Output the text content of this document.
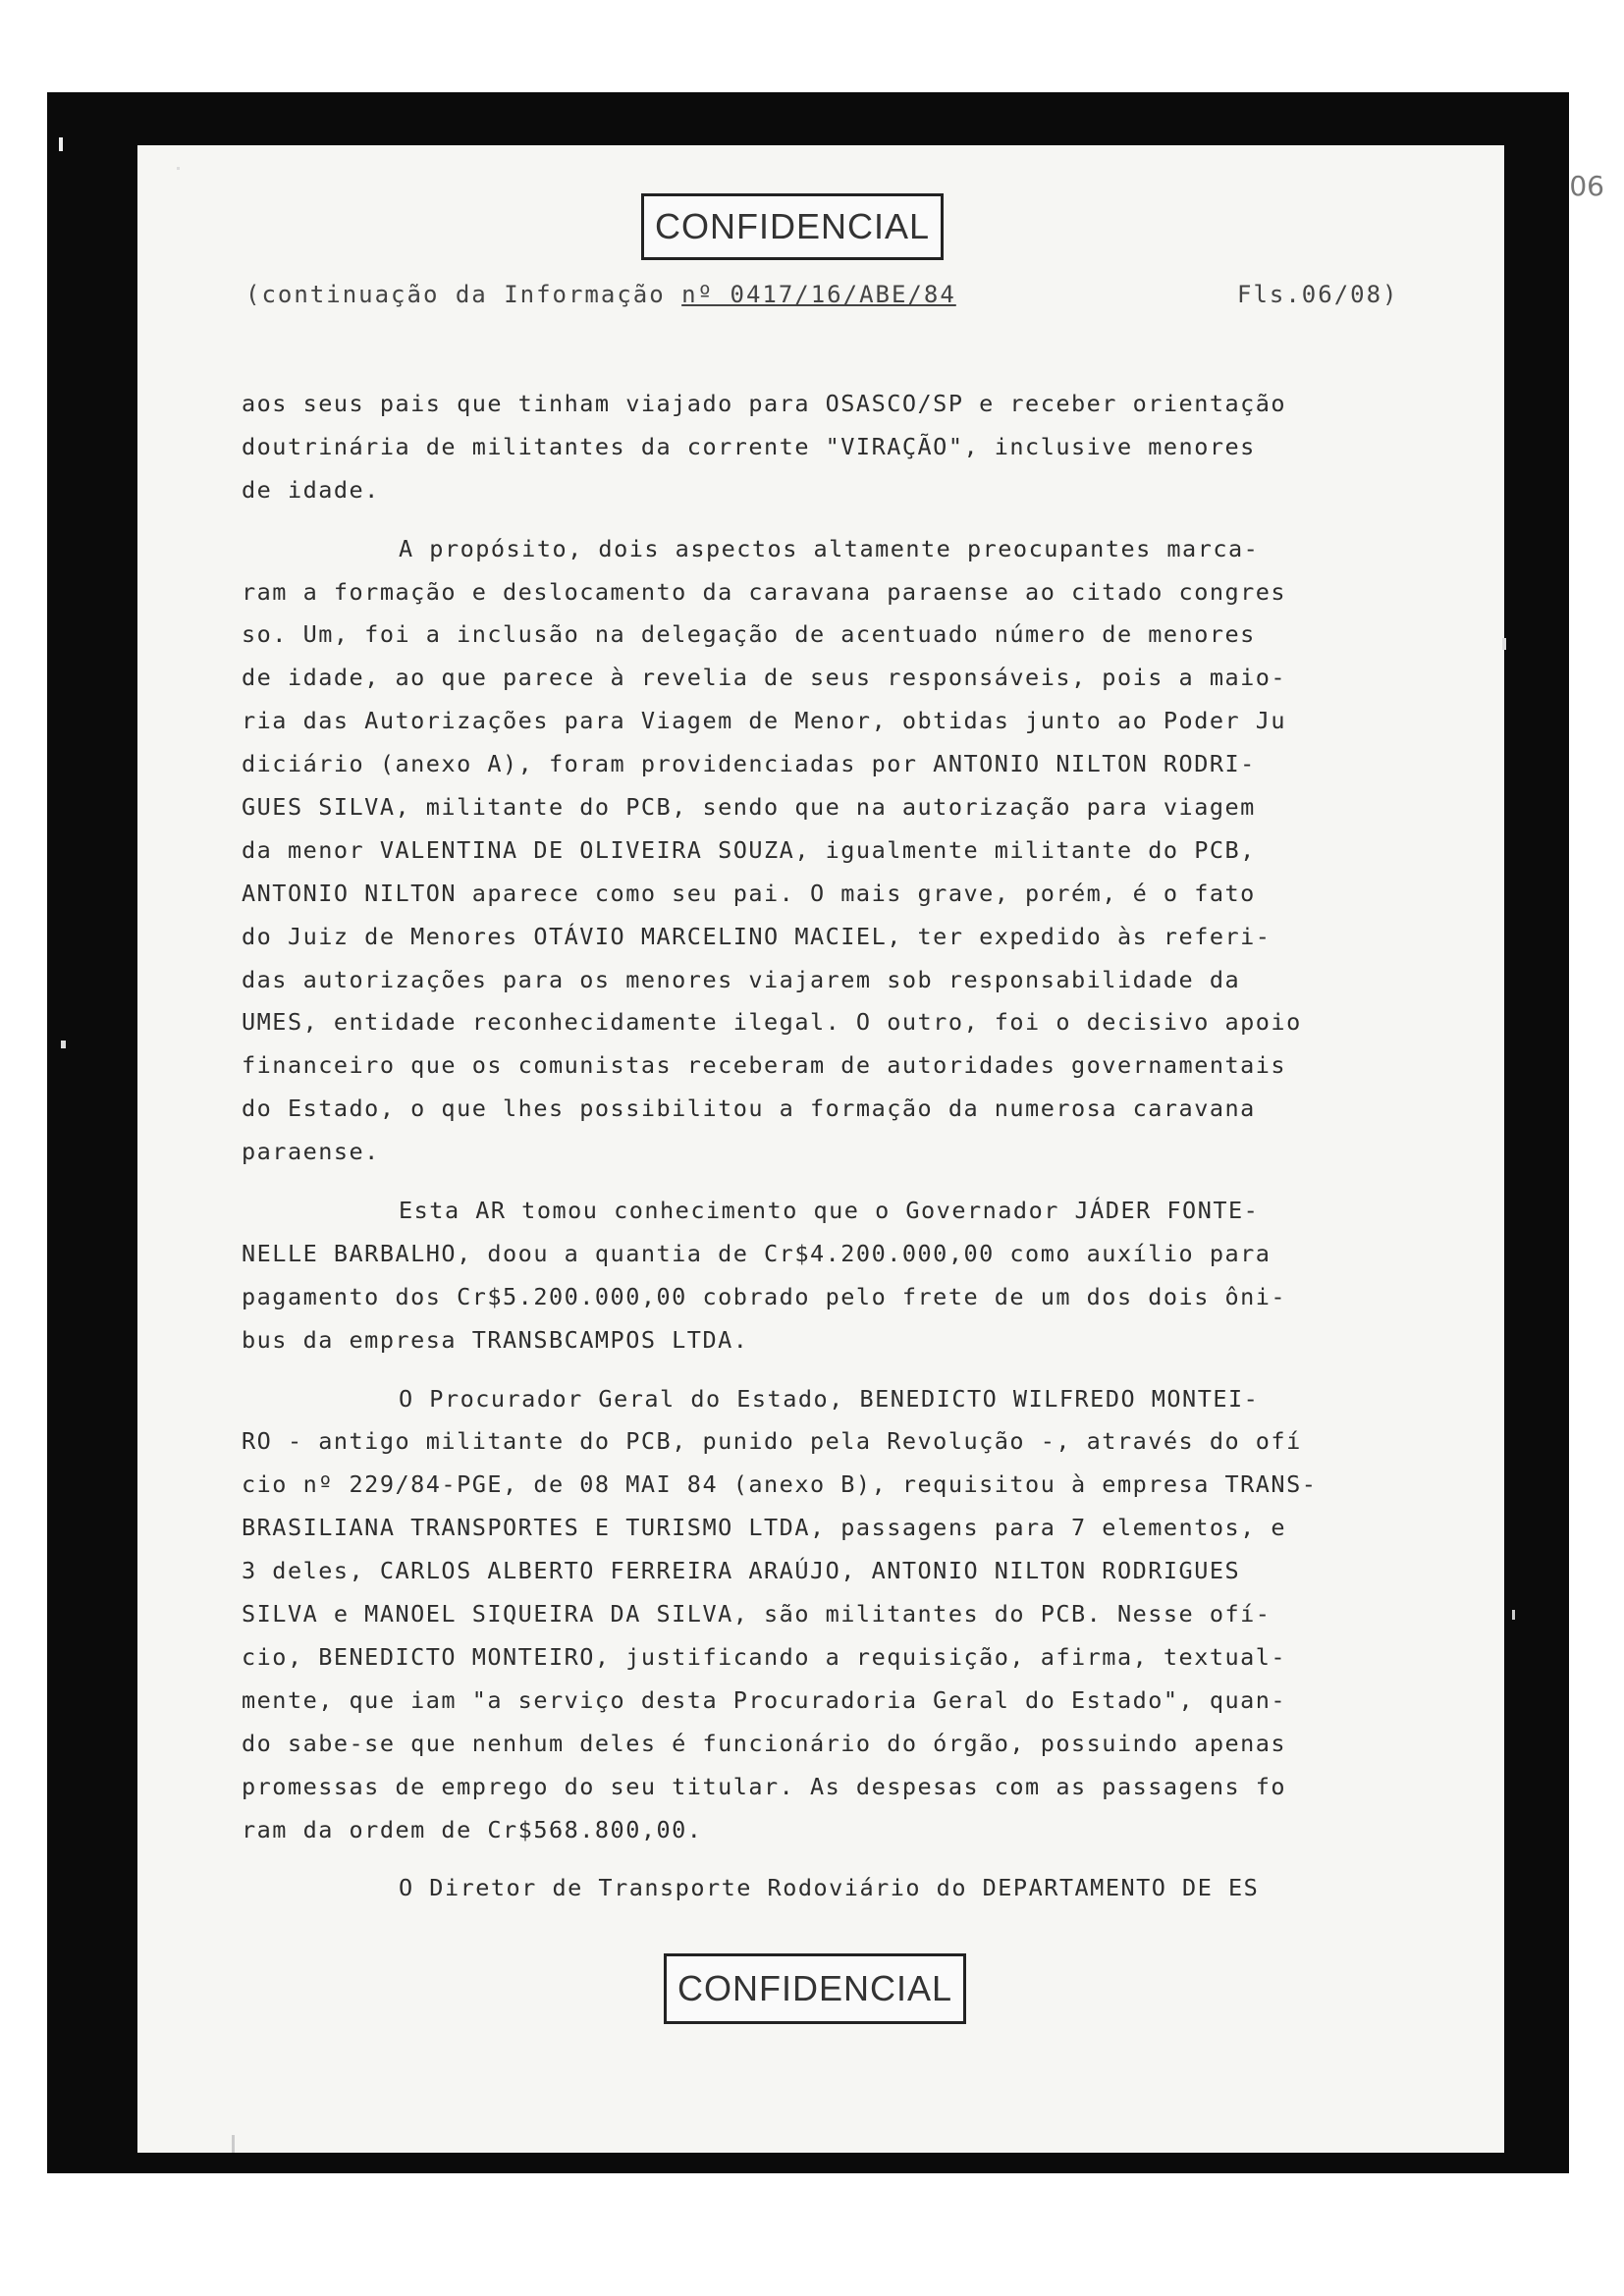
06
CONFIDENCIAL
(continuação da Informação nº 0417/16/ABE/84	Fls.06/08)
aos seus pais que tinham viajado para OSASCO/SP e receber orientação
doutrinária de militantes da corrente "VIRAÇÃO", inclusive menores
de idade.
A propósito, dois aspectos altamente preocupantes marca-
ram a formação e deslocamento da caravana paraense ao citado congres
so. Um, foi a inclusão na delegação de acentuado número de menores
de idade, ao que parece à revelia de seus responsáveis, pois a maio-
ria das Autorizações para Viagem de Menor, obtidas junto ao Poder Ju
diciário (anexo A), foram providenciadas por ANTONIO NILTON RODRI-
GUES SILVA, militante do PCB, sendo que na autorização para viagem
da menor VALENTINA DE OLIVEIRA SOUZA, igualmente militante do PCB,
ANTONIO NILTON aparece como seu pai. O mais grave, porém, é o fato
do Juiz de Menores OTÁVIO MARCELINO MACIEL, ter expedido às referi-
das autorizações para os menores viajarem sob responsabilidade da
UMES, entidade reconhecidamente ilegal. O outro, foi o decisivo apoio
financeiro que os comunistas receberam de autoridades governamentais
do Estado, o que lhes possibilitou a formação da numerosa caravana
paraense.
Esta AR tomou conhecimento que o Governador JÁDER FONTE-
NELLE BARBALHO, doou a quantia de Cr$4.200.000,00 como auxílio para
pagamento dos Cr$5.200.000,00 cobrado pelo frete de um dos dois ôni-
bus da empresa TRANSBCAMPOS LTDA.
O Procurador Geral do Estado, BENEDICTO WILFREDO MONTEI-
RO - antigo militante do PCB, punido pela Revolução -, através do ofí
cio nº 229/84-PGE, de 08 MAI 84 (anexo B), requisitou à empresa TRANS-
BRASILIANA TRANSPORTES E TURISMO LTDA, passagens para 7 elementos, e
3 deles, CARLOS ALBERTO FERREIRA ARAÚJO, ANTONIO NILTON RODRIGUES
SILVA e MANOEL SIQUEIRA DA SILVA, são militantes do PCB. Nesse ofí-
cio, BENEDICTO MONTEIRO, justificando a requisição, afirma, textual-
mente, que iam "a serviço desta Procuradoria Geral do Estado", quan-
do sabe-se que nenhum deles é funcionário do órgão, possuindo apenas
promessas de emprego do seu titular. As despesas com as passagens fo
ram da ordem de Cr$568.800,00.
O Diretor de Transporte Rodoviário do DEPARTAMENTO DE ES
CONFIDENCIAL
